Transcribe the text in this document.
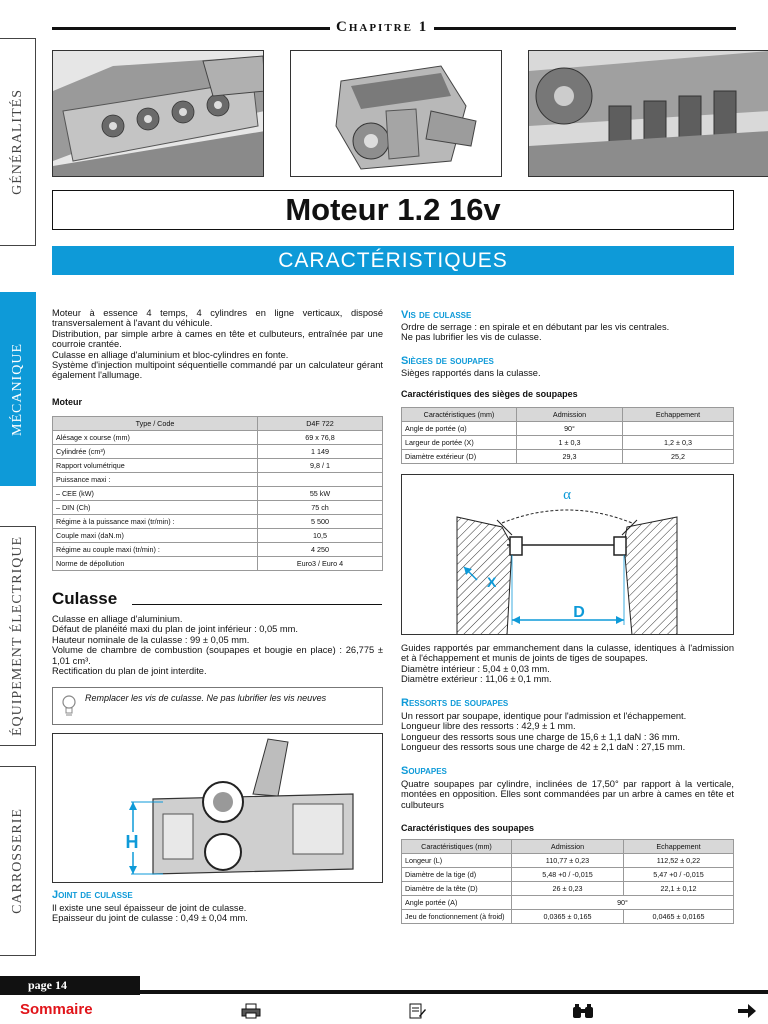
Chapitre 1
GÉNÉRALITÉS
MÉCANIQUE
ÉQUIPEMENT ÉLECTRIQUE
CARROSSERIE
Moteur 1.2 16v
CARACTÉRISTIQUES
Moteur à essence 4 temps, 4 cylindres en ligne verticaux, disposé transversalement à l'avant du véhicule.
Distribution, par simple arbre à cames en tête et culbuteurs, entraînée par une courroie crantée.
Culasse en alliage d'aluminium et bloc-cylindres en fonte.
Système d'injection multipoint séquentielle commandé par un calculateur gérant également l'allumage.
Moteur
Type / Code	D4F 722
Alésage x course (mm)	69 x 76,8
Cylindrée (cm³)	1 149
Rapport volumétrique	9,8 / 1
Puissance maxi :	
– CEE (kW)	55 kW
– DIN (Ch)	75 ch
Régime à la puissance maxi (tr/min) :	5 500
Couple maxi (daN.m)	10,5
Régime au couple maxi (tr/min) :	4 250
Norme de dépollution	Euro3 / Euro 4
Culasse
Culasse en alliage d'aluminium.
Défaut de planéité maxi du plan de joint inférieur : 0,05 mm.
Hauteur nominale de la culasse : 99 ± 0,05 mm.
Volume de chambre de combustion (soupapes et bougie en place) : 26,775 ± 1,01 cm³.
Rectification du plan de joint interdite.
Remplacer les vis de culasse. Ne pas lubrifier les vis neuves
H
Joint de culasse
Il existe une seul épaisseur de joint de culasse.
Epaisseur du joint de culasse : 0,49 ± 0,04 mm.
Vis de culasse
Ordre de serrage : en spirale et en débutant par les vis centrales.
Ne pas lubrifier les vis de culasse.
Sièges de soupapes
Sièges rapportés dans la culasse.
Caractéristiques des sièges de soupapes
Caractéristiques (mm)	Admission	Echappement
Angle de portée (α)	90°	
Largeur de portée (X)	1 ± 0,3	1,2 ± 0,3
Diamètre extérieur (D)	29,3	25,2
α
D
X
Guides rapportés par emmanchement dans la culasse, identiques à l'admission et à l'échappement et munis de joints de tiges de soupapes.
Diamètre intérieur : 5,04 ± 0,03 mm.
Diamètre extérieur : 11,06 ± 0,1 mm.
Ressorts de soupapes
Un ressort par soupape, identique pour l'admission et l'échappement.
Longueur libre des ressorts : 42,9 ± 1 mm.
Longueur des ressorts sous une charge de 15,6 ± 1,1 daN : 36 mm.
Longueur des ressorts sous une charge de 42 ± 2,1 daN : 27,15 mm.
Soupapes
Quatre soupapes par cylindre, inclinées de 17,50° par rapport à la verticale, montées en opposition. Elles sont commandées par un arbre à cames en tête et culbuteurs
Caractéristiques des soupapes
Caractéristiques (mm)	Admission	Echappement
Longeur (L)	110,77 ± 0,23	112,52 ± 0,22
Diamètre de la tige (d)	5,48 +0 / -0,015	5,47 +0 / -0,015
Diamètre de la tête (D)	26 ± 0,23	22,1 ± 0,12
Angle portée (A)	90°	
Jeu de fonctionnement (à froid)	0,0365 ± 0,165	0,0465 ± 0,0165
page 14
Sommaire
